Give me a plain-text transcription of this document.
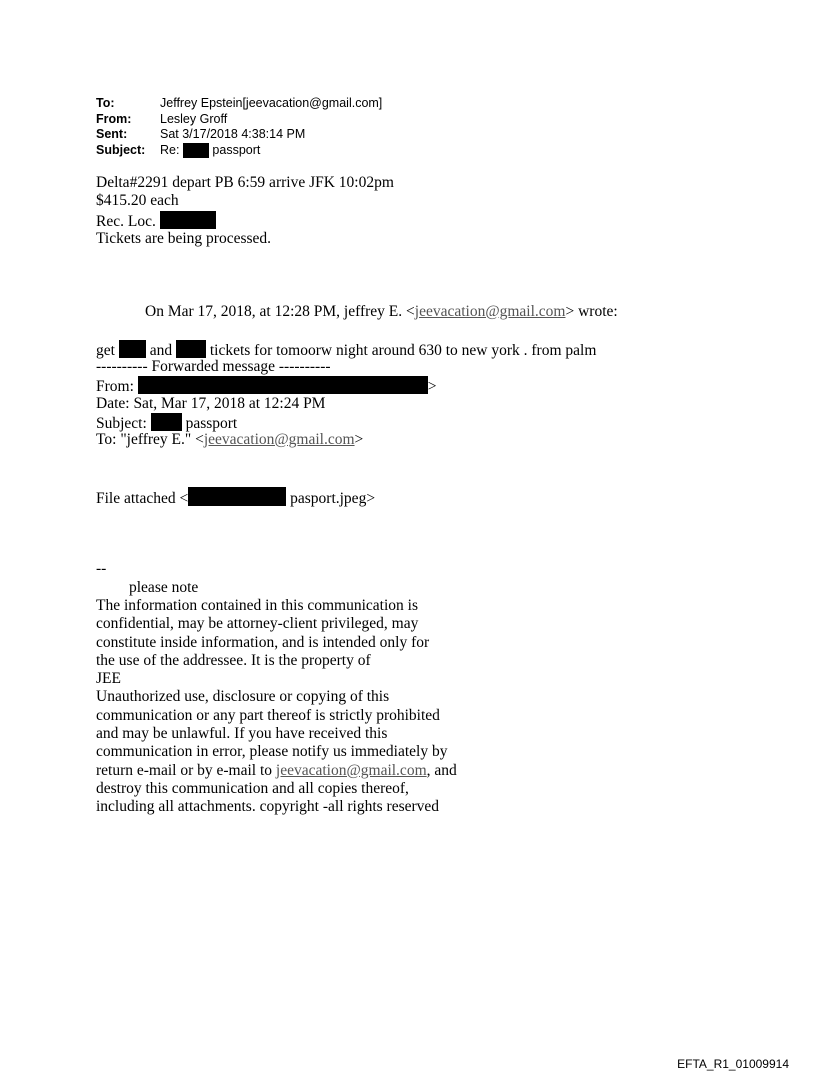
To:	Jeffrey Epstein[jeevacation@gmail.com]
From:	Lesley Groff
Sent:	Sat 3/17/2018 4:38:14 PM
Subject:	Re:

	passport
Delta#2291 depart PB 6:59 arrive JFK 10:02pm
$415.20 each
Rec. Loc.
Tickets are being processed.
On Mar 17, 2018, at 12:28 PM, jeffrey E. <jeevacation@gmail.com> wrote:
get and tickets for tomoorw night around 630 to new york . from palm
---------- Forwarded message ----------
From:	>
Date: Sat, Mar 17, 2018 at 12:24 PM
Subject:	passport
To: "jeffrey E." <jeevacation@gmail.com>
File attached <	pasport.jpeg>
--
please note
The information contained in this communication is
confidential, may be attorney-client privileged, may
constitute inside information, and is intended only for
the use of the addressee. It is the property of
JEE
Unauthorized use, disclosure or copying of this
communication or any part thereof is strictly prohibited
and may be unlawful. If you have received this
communication in error, please notify us immediately by
return e-mail or by e-mail to jeevacation@gmail.com, and
destroy this communication and all copies thereof,
including all attachments. copyright -all rights reserved
EFTA_R1_01009914
